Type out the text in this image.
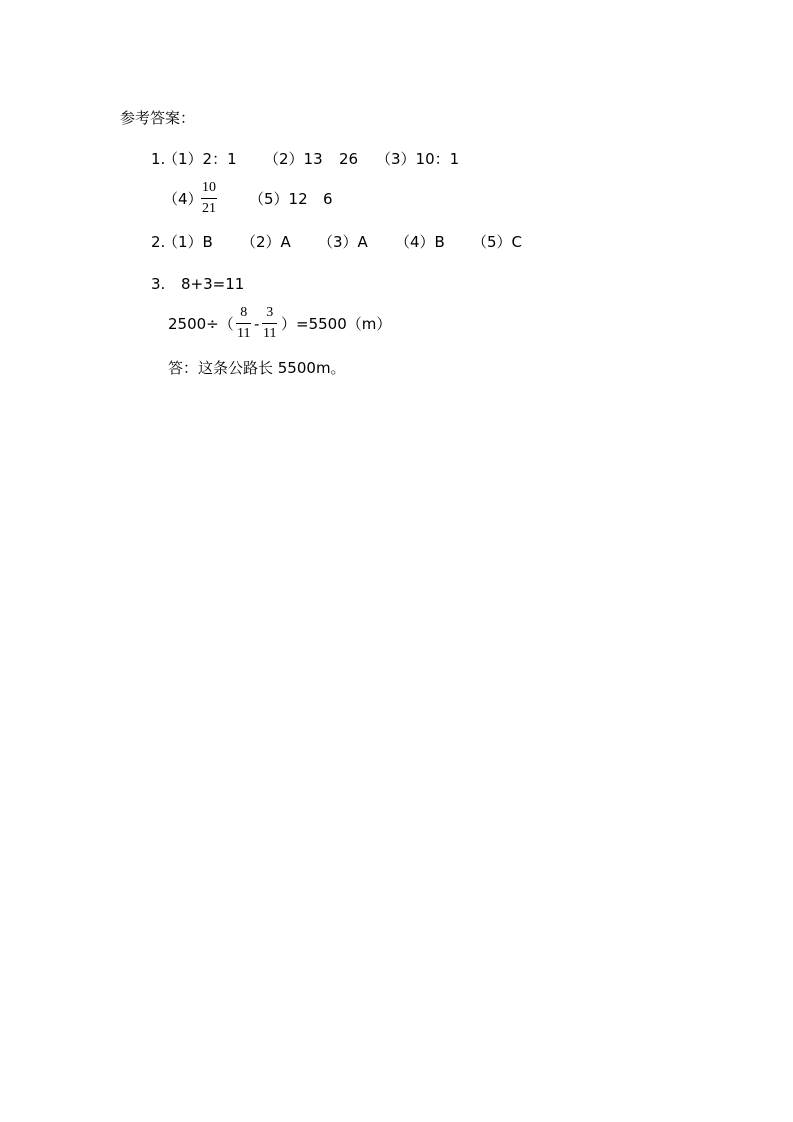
参考答案：
1.
（1）2：1 （2）13 26 （3）10：1
（4）
10
21
（5）12 6
2.
（1）B （2）A （3）A （4）B （5）C
3. 8+3=11
2500÷（
8
11
-
3
11
）=5500（m）
答：这条公路长 5500m。
